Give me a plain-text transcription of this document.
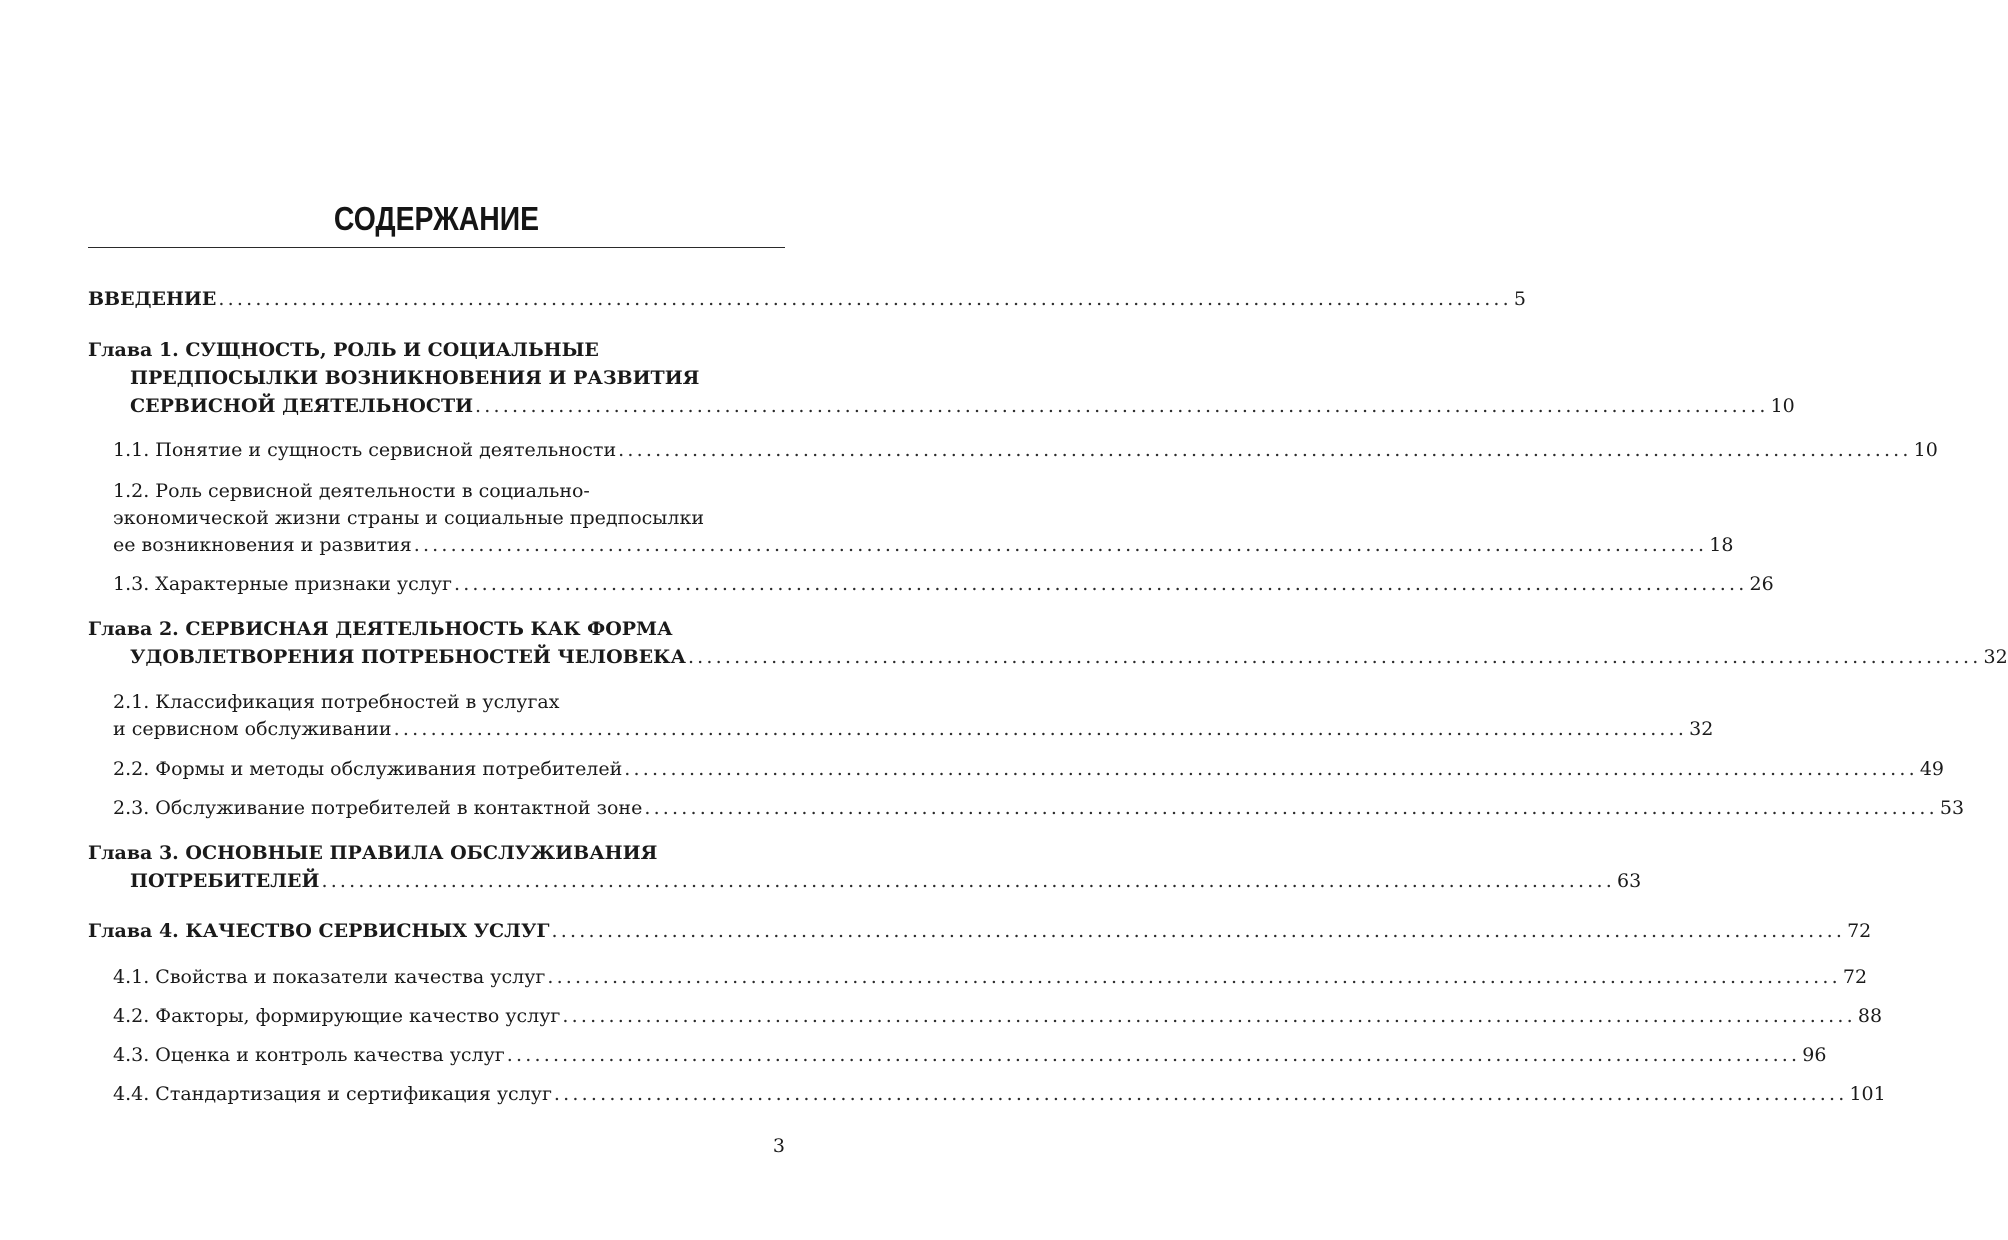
СОДЕРЖАНИЕ
ВВЕДЕНИЕ ............................................................................................................................................ 5
Глава 1. СУЩНОСТЬ, РОЛЬ И СОЦИАЛЬНЫЕ
ПРЕДПОСЫЛКИ ВОЗНИКНОВЕНИЯ И РАЗВИТИЯ
СЕРВИСНОЙ ДЕЯТЕЛЬНОСТИ ............................................................................................................................................ 10
1.1. Понятие и сущность сервисной деятельности ............................................................................................................................................ 10
1.2. Роль сервисной деятельности в социально-
экономической жизни страны и социальные предпосылки
ее возникновения и развития ............................................................................................................................................ 18
1.3. Характерные признаки услуг ............................................................................................................................................ 26
Глава 2. СЕРВИСНАЯ ДЕЯТЕЛЬНОСТЬ КАК ФОРМА
УДОВЛЕТВОРЕНИЯ ПОТРЕБНОСТЕЙ ЧЕЛОВЕКА ............................................................................................................................................ 32
2.1. Классификация потребностей в услугах
и сервисном обслуживании ............................................................................................................................................ 32
2.2. Формы и методы обслуживания потребителей ............................................................................................................................................ 49
2.3. Обслуживание потребителей в контактной зоне ............................................................................................................................................ 53
Глава 3. ОСНОВНЫЕ ПРАВИЛА ОБСЛУЖИВАНИЯ
ПОТРЕБИТЕЛЕЙ ............................................................................................................................................ 63
Глава 4. КАЧЕСТВО СЕРВИСНЫХ УСЛУГ ............................................................................................................................................ 72
4.1. Свойства и показатели качества услуг ............................................................................................................................................ 72
4.2. Факторы, формирующие качество услуг ............................................................................................................................................ 88
4.3. Оценка и контроль качества услуг ............................................................................................................................................ 96
4.4. Стандартизация и сертификация услуг ............................................................................................................................................ 101
3
